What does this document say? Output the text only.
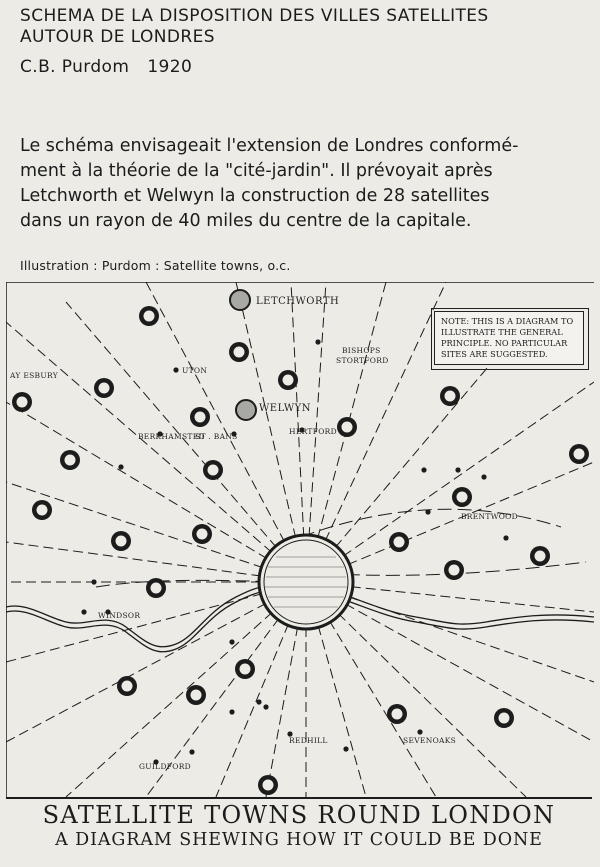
SCHEMA DE LA DISPOSITION DES VILLES SATELLITES
AUTOUR DE LONDRES
C.B. Purdom 1920
Le schéma envisageait l'extension de Londres conformé-
ment à la théorie de la "cité-jardin". Il prévoyait après
Letchworth et Welwyn la construction de 28 satellites
dans un rayon de 40 miles du centre de la capitale.
Illustration : Purdom : Satellite towns, o.c.
LETCHWORTH
WELWYN
UTON
BISHOPS
STORTFORD
HERTFORD
BERKHAMSTED
ST . BANS
AY ESBURY
BRENTWOOD
WINDSOR
REDHILL	SEVENOAKS
GUILDFORD
NOTE: THIS IS A DIAGRAM TO
ILLUSTRATE THE GENERAL
PRINCIPLE. NO PARTICULAR
SITES ARE SUGGESTED.
SATELLITE TOWNS ROUND LONDON
A DIAGRAM SHEWING HOW IT COULD BE DONE
